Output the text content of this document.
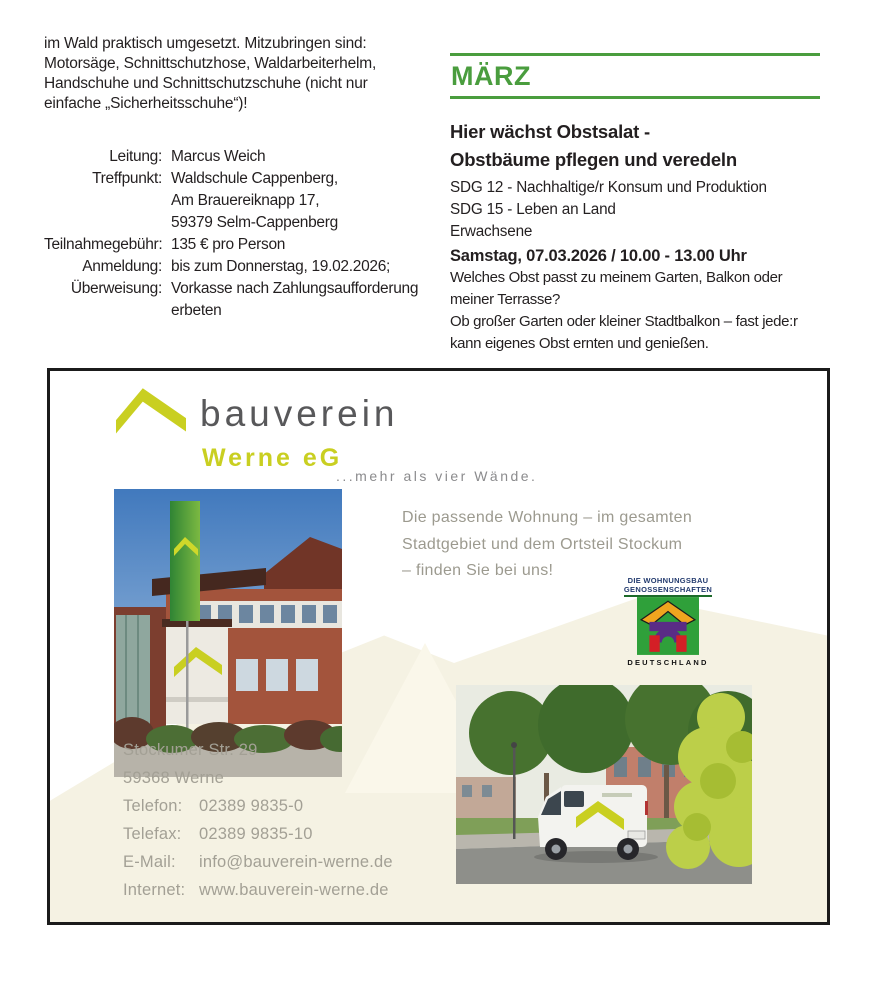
im Wald praktisch umgesetzt. Mitzubringen sind:
Motorsäge, Schnittschutzhose, Waldarbeiterhelm,
Handschuhe und Schnittschutzschuhe (nicht nur
einfache „Sicherheitsschuhe“)!
Leitung: Marcus Weich
Treffpunkt: Waldschule Cappenberg,
Am Brauereiknapp 17,
59379 Selm-Cappenberg
Teilnahmegebühr: 135 € pro Person
Anmeldung: bis zum Donnerstag, 19.02.2026;
Überweisung: Vorkasse nach Zahlungsaufforderung
erbeten
MÄRZ
Hier wächst Obstsalat -
Obstbäume pflegen und veredeln
SDG 12 - Nachhaltige/r Konsum und Produktion
SDG 15 - Leben an Land
Erwachsene
Samstag, 07.03.2026 / 10.00 - 13.00 Uhr
Welches Obst passt zu meinem Garten, Balkon oder
meiner Terrasse?
Ob großer Garten oder kleiner Stadtbalkon – fast jede:r
kann eigenes Obst ernten und genießen.
bauverein
Werne eG
...mehr als vier Wände.
Die passende Wohnung – im gesamten
Stadtgebiet und dem Ortsteil Stockum
– finden Sie bei uns!
DIE WOHNUNGSBAU
GENOSSENSCHAFTEN
DEUTSCHLAND
Stockumer Str. 29
59368 Werne
Telefon:	02389 9835-0
Telefax:	02389 9835-10
E-Mail:	info@bauverein-werne.de
Internet: www.bauverein-werne.de
